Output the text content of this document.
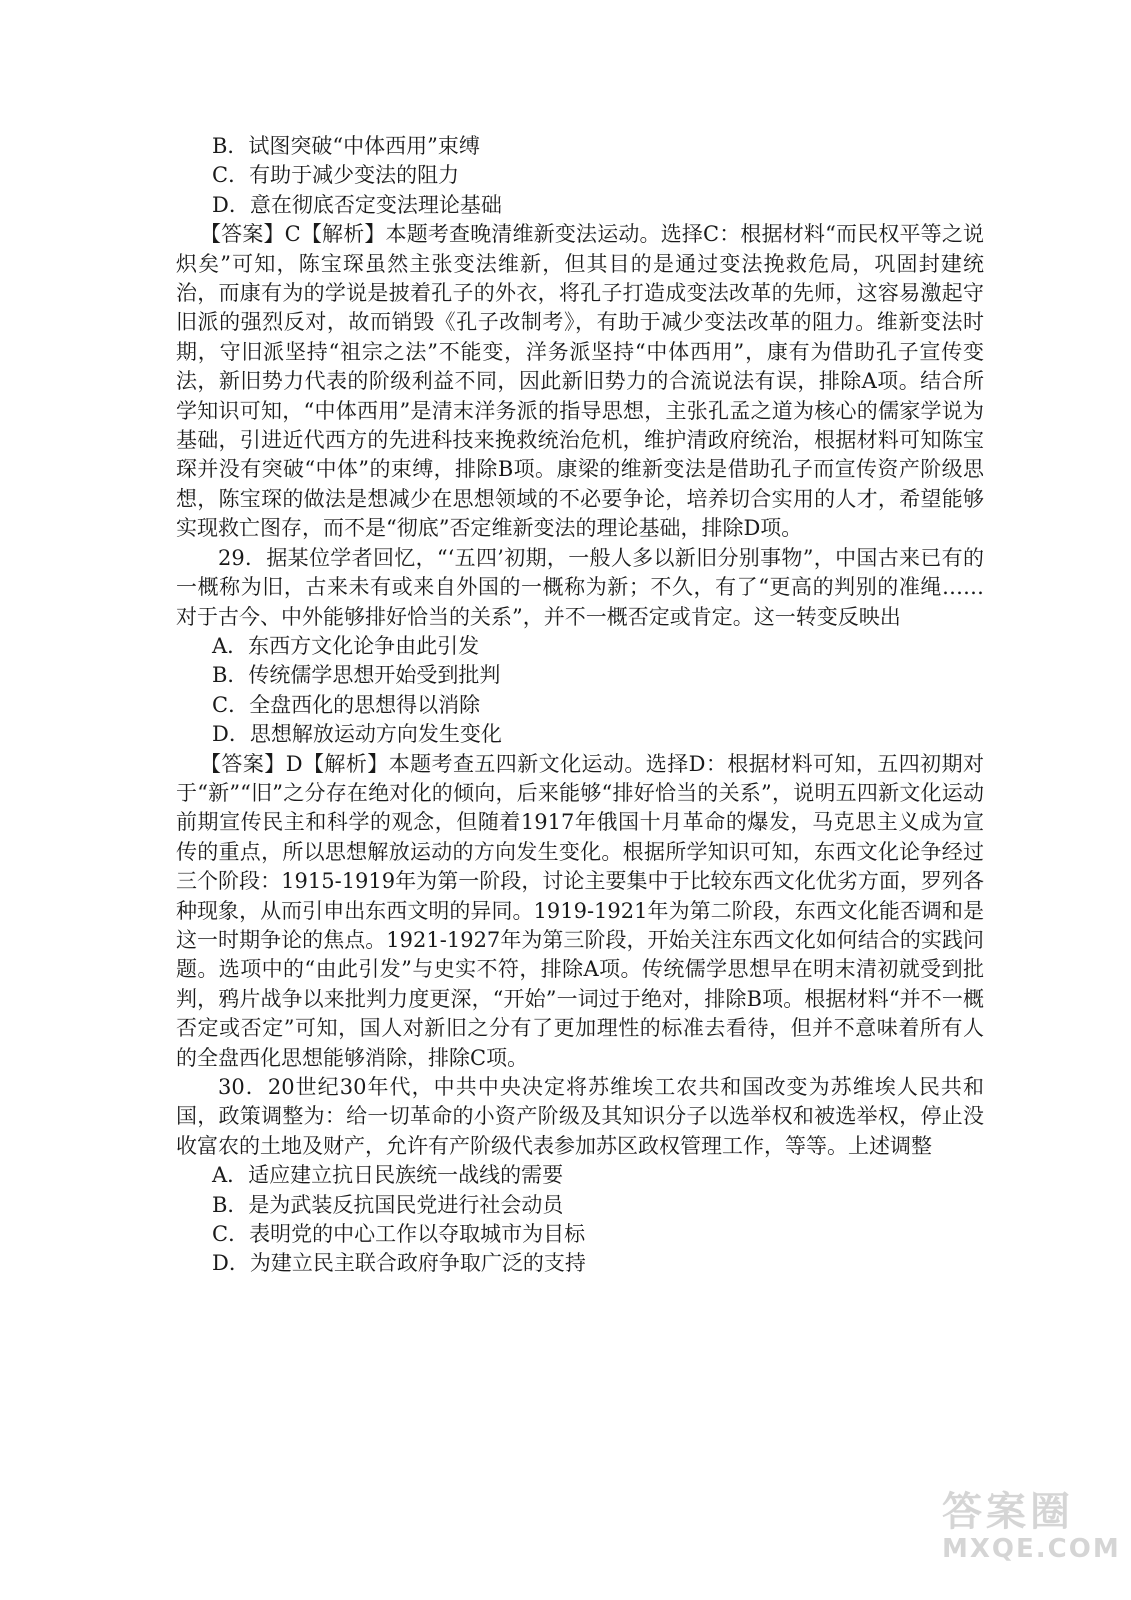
B．试图突破“中体西用”束缚

C．有助于减少变法的阻力

D．意在彻底否定变法理论基础

【答案】C【解析】本题考查晚清维新变法运动。选择C：根据材料“而民权平等之说炽矣”可知，陈宝琛虽然主张变法维新，但其目的是通过变法挽救危局，巩固封建统治，而康有为的学说是披着孔子的外衣，将孔子打造成变法改革的先师，这容易激起守旧派的强烈反对，故而销毁《孔子改制考》，有助于减少变法改革的阻力。维新变法时期，守旧派坚持“祖宗之法”不能变，洋务派坚持“中体西用”，康有为借助孔子宣传变法，新旧势力代表的阶级利益不同，因此新旧势力的合流说法有误，排除A项。结合所学知识可知，“中体西用”是清末洋务派的指导思想，主张孔孟之道为核心的儒家学说为基础，引进近代西方的先进科技来挽救统治危机，维护清政府统治，根据材料可知陈宝琛并没有突破“中体”的束缚，排除B项。康梁的维新变法是借助孔子而宣传资产阶级思想，陈宝琛的做法是想减少在思想领域的不必要争论，培养切合实用的人才，希望能够实现救亡图存，而不是“彻底”否定维新变法的理论基础，排除D项。

29．据某位学者回忆，“‘五四’初期，一般人多以新旧分别事物”，中国古来已有的一概称为旧，古来未有或来自外国的一概称为新；不久，有了“更高的判别的准绳……对于古今、中外能够排好恰当的关系”，并不一概否定或肯定。这一转变反映出

A．东西方文化论争由此引发

B．传统儒学思想开始受到批判

C．全盘西化的思想得以消除

D．思想解放运动方向发生变化

【答案】D【解析】本题考查五四新文化运动。选择D：根据材料可知，五四初期对于“新”“旧”之分存在绝对化的倾向，后来能够“排好恰当的关系”，说明五四新文化运动前期宣传民主和科学的观念，但随着1917年俄国十月革命的爆发，马克思主义成为宣传的重点，所以思想解放运动的方向发生变化。根据所学知识可知，东西文化论争经过三个阶段：1915-1919年为第一阶段，讨论主要集中于比较东西文化优劣方面，罗列各种现象，从而引申出东西文明的异同。1919-1921年为第二阶段，东西文化能否调和是这一时期争论的焦点。1921-1927年为第三阶段，开始关注东西文化如何结合的实践问题。选项中的“由此引发”与史实不符，排除A项。传统儒学思想早在明末清初就受到批判，鸦片战争以来批判力度更深，“开始”一词过于绝对，排除B项。根据材料“并不一概否定或否定”可知，国人对新旧之分有了更加理性的标准去看待，但并不意味着所有人的全盘西化思想能够消除，排除C项。

30．20世纪30年代，中共中央决定将苏维埃工农共和国改变为苏维埃人民共和国，政策调整为：给一切革命的小资产阶级及其知识分子以选举权和被选举权，停止没收富农的土地及财产，允许有产阶级代表参加苏区政权管理工作，等等。上述调整

A．适应建立抗日民族统一战线的需要

B．是为武装反抗国民党进行社会动员

C．表明党的中心工作以夺取城市为目标

D．为建立民主联合政府争取广泛的支持

答案圈
MXQE.COM
